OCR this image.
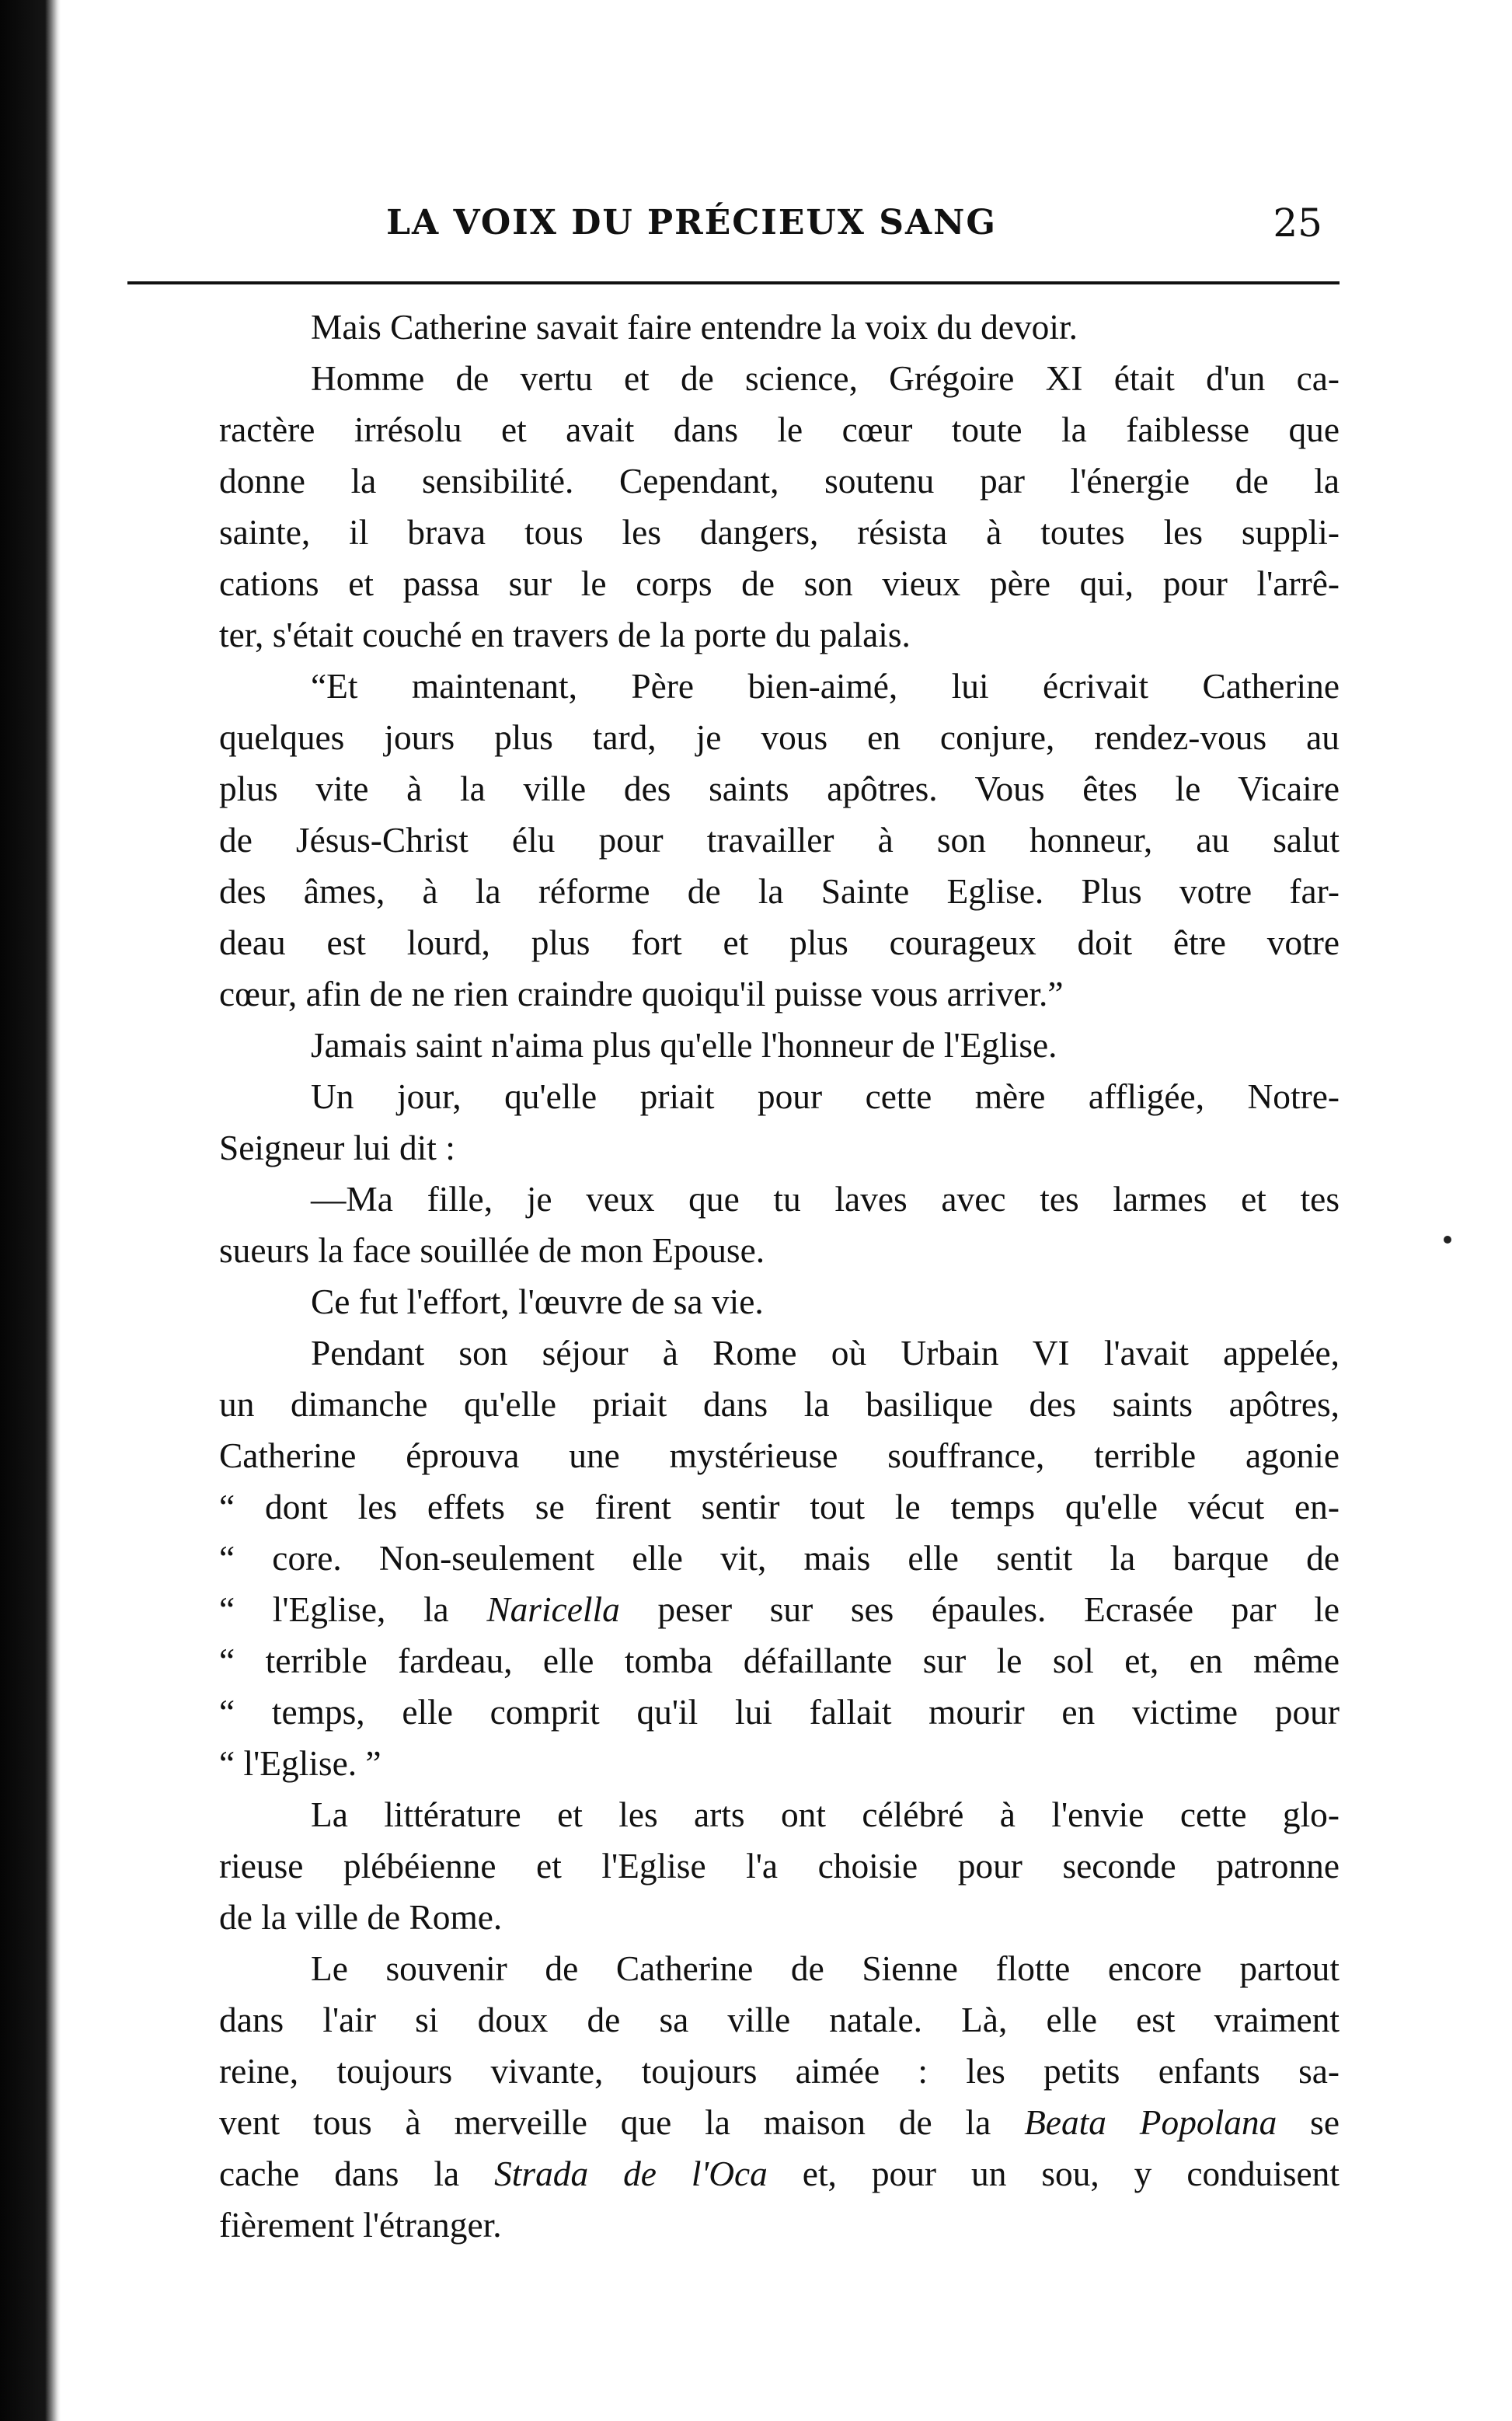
LA VOIX DU PRÉCIEUX SANG	25
Mais Catherine savait faire entendre la voix du devoir.
Homme de vertu et de science, Grégoire XI était d'un ca-
ractère irrésolu et avait dans le cœur toute la faiblesse que
donne la sensibilité. Cependant, soutenu par l'énergie de la
sainte, il brava tous les dangers, résista à toutes les suppli-
cations et passa sur le corps de son vieux père qui, pour l'arrê-
ter, s'était couché en travers de la porte du palais.
“Et maintenant, Père bien-aimé, lui écrivait Catherine
quelques jours plus tard, je vous en conjure, rendez-vous au
plus vite à la ville des saints apôtres. Vous êtes le Vicaire
de Jésus-Christ élu pour travailler à son honneur, au salut
des âmes, à la réforme de la Sainte Eglise. Plus votre far-
deau est lourd, plus fort et plus courageux doit être votre
cœur, afin de ne rien craindre quoiqu'il puisse vous arriver.”
Jamais saint n'aima plus qu'elle l'honneur de l'Eglise.
Un jour, qu'elle priait pour cette mère affligée, Notre-
Seigneur lui dit :
—Ma fille, je veux que tu laves avec tes larmes et tes
sueurs la face souillée de mon Epouse.
Ce fut l'effort, l'œuvre de sa vie.
Pendant son séjour à Rome où Urbain VI l'avait appelée,
un dimanche qu'elle priait dans la basilique des saints apôtres,
Catherine éprouva une mystérieuse souffrance, terrible agonie
“ dont les effets se firent sentir tout le temps qu'elle vécut en-
“ core. Non-seulement elle vit, mais elle sentit la barque de
“ l'Eglise, la Naricella peser sur ses épaules. Ecrasée par le
“ terrible fardeau, elle tomba défaillante sur le sol et, en même
“ temps, elle comprit qu'il lui fallait mourir en victime pour
“ l'Eglise. ”
La littérature et les arts ont célébré à l'envie cette glo-
rieuse plébéienne et l'Eglise l'a choisie pour seconde patronne
de la ville de Rome.
Le souvenir de Catherine de Sienne flotte encore partout
dans l'air si doux de sa ville natale. Là, elle est vraiment
reine, toujours vivante, toujours aimée : les petits enfants sa-
vent tous à merveille que la maison de la Beata Popolana se
cache dans la Strada de l'Oca et, pour un sou, y conduisent
fièrement l'étranger.
